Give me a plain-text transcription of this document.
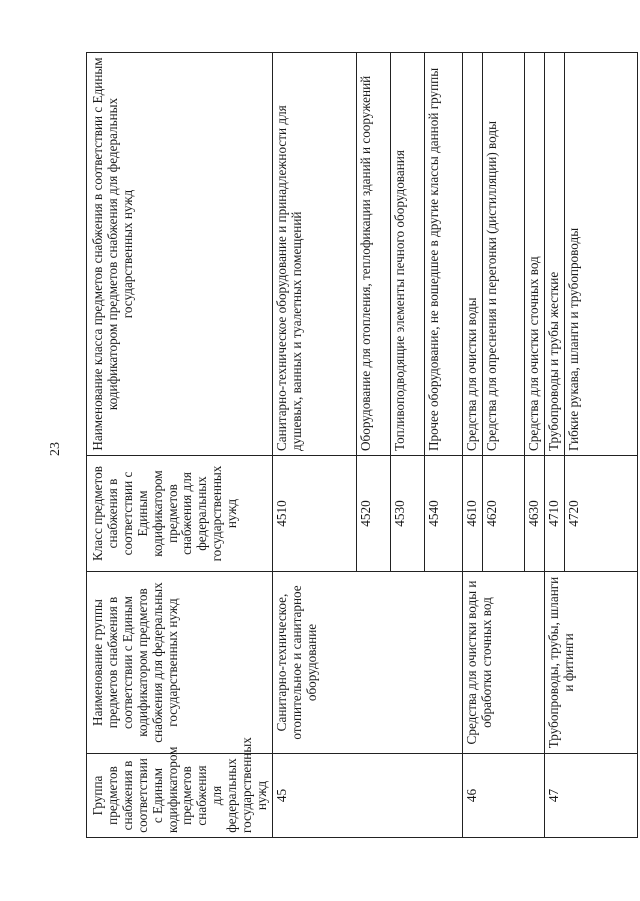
23
Группа предметов снабжения в соответствии с Единым кодификатором предметов снабжения для федеральных государственных нужд	Наименование группы предметов снабжения в соответствии с Единым кодификатором предметов снабжения для федеральных государственных нужд	Класс предметов снабжения в соответствии с Единым кодификатором предметов снабжения для федеральных государственных нужд	Наименование класса предметов снабжения в соответствии с Единым кодификатором предметов снабжения для федеральных государственных нужд
45	Санитарно-техническое, отопительное и санитарное оборудование	4510	Санитарно-техническое оборудование и принадлежности для душевых, ванных и туалетных помещений
		4520	Оборудование для отопления, теплофикации зданий и сооружений
		4530	Топливоподводящие элементы печного оборудования
		4540	Прочее оборудование, не вошедшее в другие классы данной группы
46	Средства для очистки воды и обработки сточных вод	4610	Средства для очистки воды
		4620	Средства для опреснения и перегонки (дистилляции) воды
		4630	Средства для очистки сточных вод
47	Трубопроводы, трубы, шланги и фитинги	4710	Трубопроводы и трубы жесткие
		4720	Гибкие рукава, шланги и трубопроводы
